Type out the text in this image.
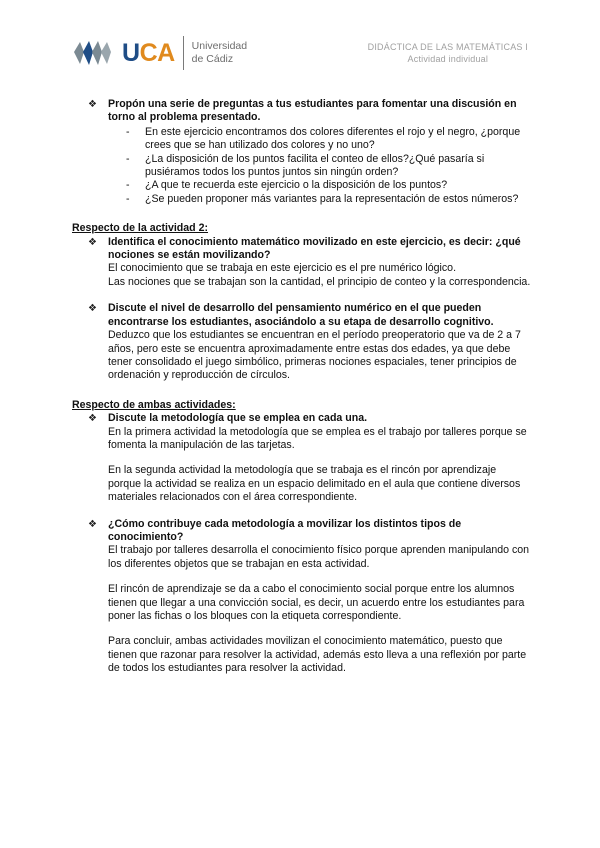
UCA Universidad
de Cádiz
DIDÁCTICA DE LAS MATEMÁTICAS I
Actividad individual
❖ Propón una serie de preguntas a tus estudiantes para fomentar una discusión en torno al problema presentado.
- En este ejercicio encontramos dos colores diferentes el rojo y el negro, ¿porque crees que se han utilizado dos colores y no uno?
- ¿La disposición de los puntos facilita el conteo de ellos?¿Qué pasaría si pusiéramos todos los puntos juntos sin ningún orden?
- ¿A que te recuerda este ejercicio o la disposición de los puntos?
- ¿Se pueden proponer más variantes para la representación de estos números?
Respecto de la actividad 2:
❖ Identifica el conocimiento matemático movilizado en este ejercicio, es decir: ¿qué nociones se están movilizando?
El conocimiento que se trabaja en este ejercicio es el pre numérico lógico.
Las nociones que se trabajan son la cantidad, el principio de conteo y la correspondencia.
❖ Discute el nivel de desarrollo del pensamiento numérico en el que pueden encontrarse los estudiantes, asociándolo a su etapa de desarrollo cognitivo.
Deduzco que los estudiantes se encuentran en el período preoperatorio que va de 2 a 7 años, pero este se encuentra aproximadamente entre estas dos edades, ya que debe tener consolidado el juego simbólico, primeras nociones espaciales, tener principios de ordenación y reproducción de círculos.
Respecto de ambas actividades:
❖ Discute la metodología que se emplea en cada una.
En la primera actividad la metodología que se emplea es el trabajo por talleres porque se fomenta la manipulación de las tarjetas.
En la segunda actividad la metodología que se trabaja es el rincón por aprendizaje porque la actividad se realiza en un espacio delimitado en el aula que contiene diversos materiales relacionados con el área correspondiente.
❖ ¿Cómo contribuye cada metodología a movilizar los distintos tipos de conocimiento?
El trabajo por talleres desarrolla el conocimiento físico porque aprenden manipulando con los diferentes objetos que se trabajan en esta actividad.
El rincón de aprendizaje se da a cabo el conocimiento social porque entre los alumnos tienen que llegar a una convicción social, es decir, un acuerdo entre los estudiantes para poner las fichas o los bloques con la etiqueta correspondiente.
Para concluir, ambas actividades movilizan el conocimiento matemático, puesto que tienen que razonar para resolver la actividad, además esto lleva a una reflexión por parte de todos los estudiantes para resolver la actividad.
